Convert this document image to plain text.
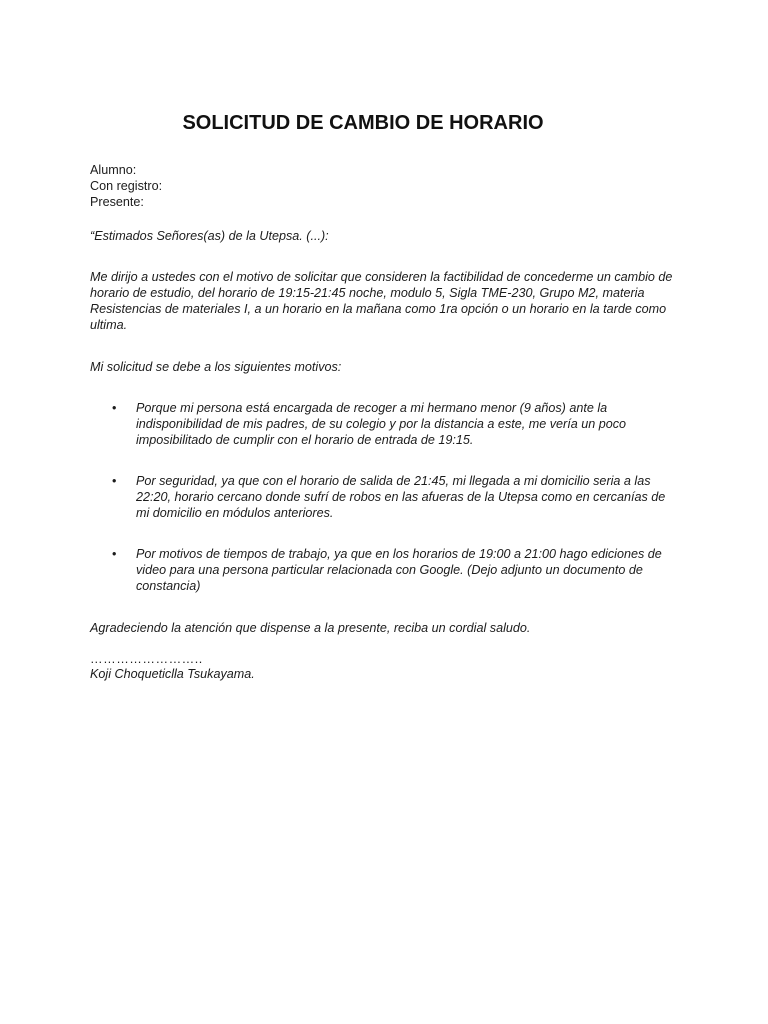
SOLICITUD DE CAMBIO DE HORARIO
Alumno:
Con registro:
Presente:
“Estimados Señores(as) de la Utepsa. (...):
Me dirijo a ustedes con el motivo de solicitar que consideren la factibilidad de concederme un cambio de horario de estudio, del horario de 19:15-21:45 noche, modulo 5, Sigla TME-230, Grupo M2, materia Resistencias de materiales I, a un horario en la mañana como 1ra opción o un horario en la tarde como ultima.
Mi solicitud se debe a los siguientes motivos:
• Porque mi persona está encargada de recoger a mi hermano menor (9 años) ante la indisponibilidad de mis padres, de su colegio y por la distancia a este, me vería un poco imposibilitado de cumplir con el horario de entrada de 19:15.
• Por seguridad, ya que con el horario de salida de 21:45, mi llegada a mi domicilio seria a las 22:20, horario cercano donde sufrí de robos en las afueras de la Utepsa como en cercanías de mi domicilio en módulos anteriores.
• Por motivos de tiempos de trabajo, ya que en los horarios de 19:00 a 21:00 hago ediciones de video para una persona particular relacionada con Google. (Dejo adjunto un documento de constancia)
Agradeciendo la atención que dispense a la presente, reciba un cordial saludo.
……………………..
Koji Choqueticlla Tsukayama.
